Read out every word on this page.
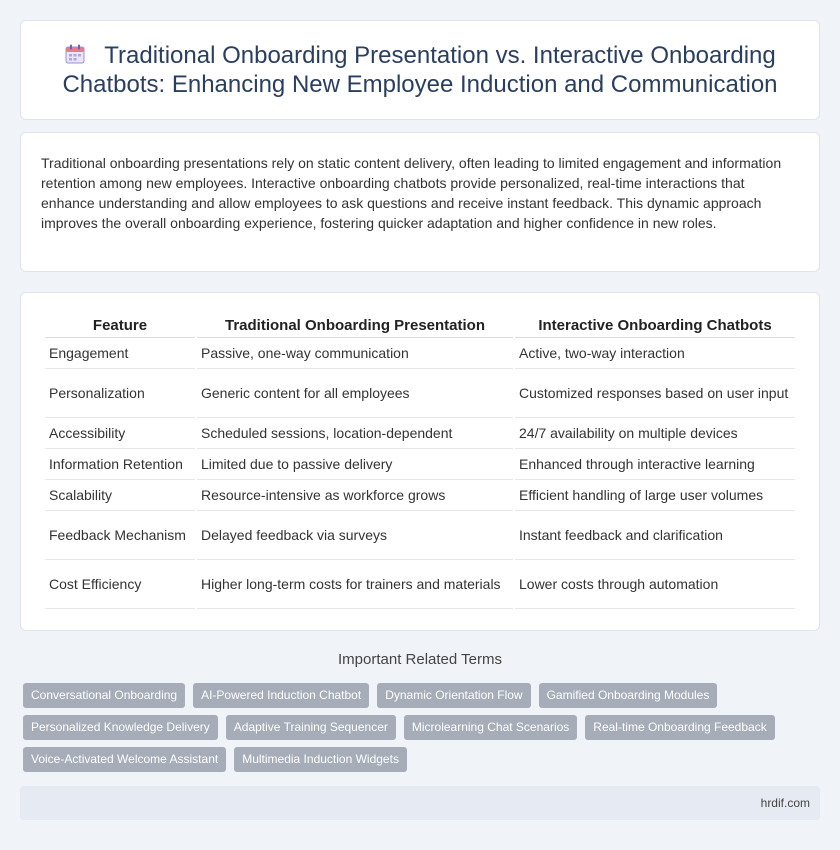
Traditional Onboarding Presentation vs. Interactive Onboarding Chatbots: Enhancing New Employee Induction and Communication

Traditional onboarding presentations rely on static content delivery, often leading to limited engagement and information retention among new employees. Interactive onboarding chatbots provide personalized, real-time interactions that enhance understanding and allow employees to ask questions and receive instant feedback. This dynamic approach improves the overall onboarding experience, fostering quicker adaptation and higher confidence in new roles.

Feature	Traditional Onboarding Presentation	Interactive Onboarding Chatbots
Engagement	Passive, one-way communication	Active, two-way interaction
Personalization	Generic content for all employees	Customized responses based on user input
Accessibility	Scheduled sessions, location-dependent	24/7 availability on multiple devices
Information Retention	Limited due to passive delivery	Enhanced through interactive learning
Scalability	Resource-intensive as workforce grows	Efficient handling of large user volumes
Feedback Mechanism	Delayed feedback via surveys	Instant feedback and clarification
Cost Efficiency	Higher long-term costs for trainers and materials	Lower costs through automation
Important Related Terms
Conversational Onboarding AI-Powered Induction Chatbot Dynamic Orientation Flow Gamified Onboarding Modules
Personalized Knowledge Delivery Adaptive Training Sequencer Microlearning Chat Scenarios Real-time Onboarding Feedback
Voice-Activated Welcome Assistant Multimedia Induction Widgets
hrdif.com
